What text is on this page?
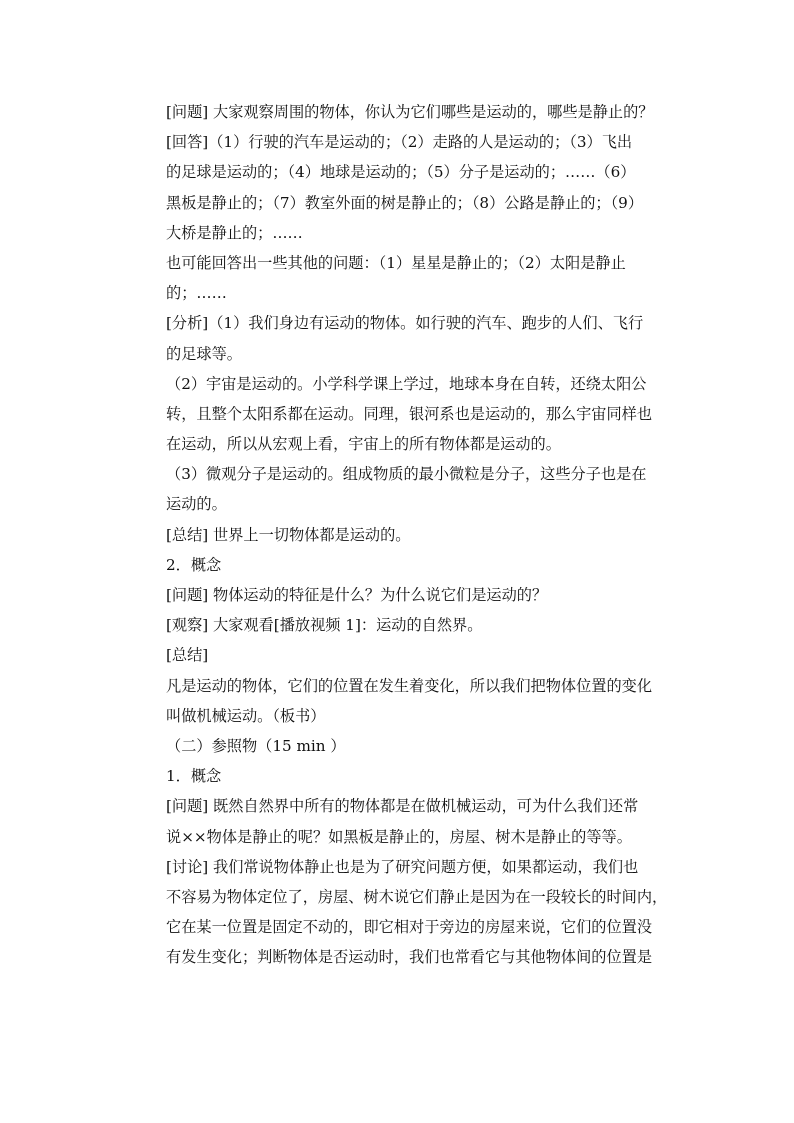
[问题] 大家观察周围的物体，你认为它们哪些是运动的，哪些是静止的？
[回答]（1）行驶的汽车是运动的；（2）走路的人是运动的；（3）飞出
的足球是运动的；（4）地球是运动的；（5）分子是运动的；……（6）
黑板是静止的；（7）教室外面的树是静止的；（8）公路是静止的；（9）
大桥是静止的；……
也可能回答出一些其他的问题：（1）星星是静止的；（2）太阳是静止
的；……
[分析]（1）我们身边有运动的物体。如行驶的汽车、跑步的人们、飞行
的足球等。
（2）宇宙是运动的。小学科学课上学过，地球本身在自转，还绕太阳公
转，且整个太阳系都在运动。同理，银河系也是运动的，那么宇宙同样也
在运动，所以从宏观上看，宇宙上的所有物体都是运动的。
（3）微观分子是运动的。组成物质的最小微粒是分子，这些分子也是在
运动的。
[总结] 世界上一切物体都是运动的。
2．概念
[问题] 物体运动的特征是什么？为什么说它们是运动的？
[观察] 大家观看[播放视频 1]：运动的自然界。
[总结]
凡是运动的物体，它们的位置在发生着变化，所以我们把物体位置的变化
叫做机械运动。（板书）
（二）参照物（15 min ）
1．概念
[问题] 既然自然界中所有的物体都是在做机械运动，可为什么我们还常
说××物体是静止的呢？如黑板是静止的，房屋、树木是静止的等等。
[讨论] 我们常说物体静止也是为了研究问题方便，如果都运动，我们也
不容易为物体定位了，房屋、树木说它们静止是因为在一段较长的时间内，
它在某一位置是固定不动的，即它相对于旁边的房屋来说，它们的位置没
有发生变化；判断物体是否运动时，我们也常看它与其他物体间的位置是
